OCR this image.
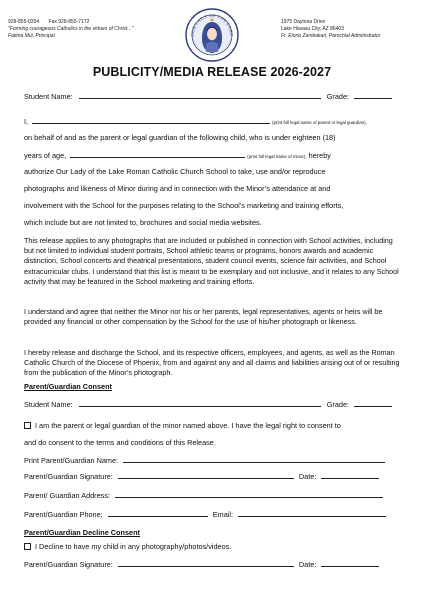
928-855-0354 Fax 928-855-7172
"Forming courageous Catholics in the virtues of Christ..."
Fatima Mui, Principal	OUR LADY OF THE LAKE
1975 Daytona Drive
Lake Havasu City, AZ 86403
Fr. Elorio Zambakari, Parochial Administrator
PUBLICITY/MEDIA RELEASE 2026-2027
Student Name:	Grade:
I,	(print full legal name of parent or legal guardian),
on behalf of and as the parent or legal guardian of the following child, who is under eighteen (18)
years of age,	(print full legal name of minor), hereby
authorize Our Lady of the Lake Roman Catholic Church School to take, use and/or reproduce
photographs and likeness of Minor during and in connection with the Minor’s attendance at and
involvement with the School for the purposes relating to the School’s marketing and training efforts,
which include but are not limited to, brochures and social media websites.
This release applies to any photographs that are included or published in connection with School activities, including but not limited to individual student portraits, School athletic teams or programs, honors awards and academic distinction, School concerts and theatrical presentations, student council events, science fair activities, and School extracurricular clubs. I understand that this list is meant to be exemplary and not inclusive, and it relates to any School activity that may be featured in the School marketing and training efforts.
I understand and agree that neither the Minor nor his or her parents, legal representatives, agents or heirs will be provided any financial or other compensation by the School for the use of his/her photograph or likeness.
I hereby release and discharge the School, and its respective officers, employees, and agents, as well as the Roman Catholic Church of the Diocese of Phoenix, from and against any and all claims and liabilities arising out of or resulting from the publication of the Minor’s photograph.
Parent/Guardian Consent
Student Name:	Grade:
I am the parent or legal guardian of the minor named above. I have the legal right to consent to
and do consent to the terms and conditions of this Release.
Print Parent/Guardian Name:
Parent/Guardian Signature:	Date:
Parent/ Guardian Address:
Parent/Guardian Phone:	Email:
Parent/Guardian Decline Consent
I Decline to have my child in any photography/photos/videos.
Parent/Guardian Signature:	Date:
